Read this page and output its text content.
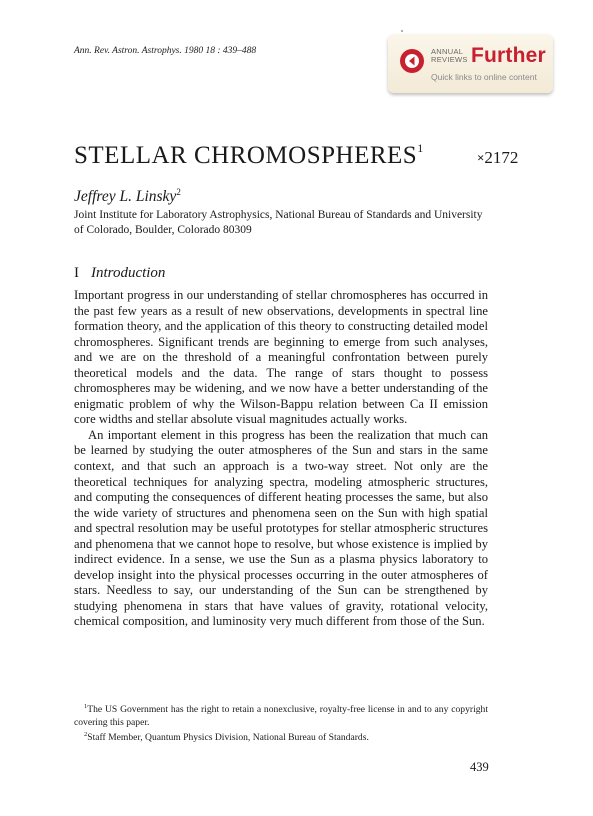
Ann. Rev. Astron. Astrophys. 1980 18 : 439–488	ANNUAL
REVIEWS Further
Quick links to online content
STELLAR $CHROMOSPHERES^1$
×2172
Jeffrey L. Linsky$^2$
Joint Institute for Laboratory Astrophysics, National Bureau of Standards and University of Colorado, Boulder, Colorado 80309
I Introduction

Important progress in our understanding of stellar chromospheres has occurred in the past few years as a result of new observations, developments in spectral line formation theory, and the application of this theory to constructing detailed model chromospheres. Significant trends are beginning to emerge from such analyses, and we are on the threshold of a meaningful confrontation between purely theoretical models and the data. The range of stars thought to possess chromospheres may be widening, and we now have a better understanding of the enigmatic problem of why the Wilson-Bappu relation between Ca II emission core widths and stellar absolute visual magnitudes actually works.

An important element in this progress has been the realization that much can be learned by studying the outer atmospheres of the Sun and stars in the same context, and that such an approach is a two-way street. Not only are the theoretical techniques for analyzing spectra, modeling atmospheric structures, and computing the consequences of different heating processes the same, but also the wide variety of structures and phenomena seen on the Sun with high spatial and spectral resolution may be useful prototypes for stellar atmospheric structures and phenomena that we cannot hope to resolve, but whose existence is implied by indirect evidence. In a sense, we use the Sun as a plasma physics laboratory to develop insight into the physical processes occurring in the outer atmospheres of stars. Needless to say, our understanding of the Sun can be strengthened by studying phenomena in stars that have values of gravity, rotational velocity, chemical composition, and luminosity very much different from those of the Sun.

$^1$The US Government has the right to retain a nonexclusive, royalty-free license in and to any copyright covering this paper.

$^2$Staff Member, Quantum Physics Division, National Bureau of Standards.

439
